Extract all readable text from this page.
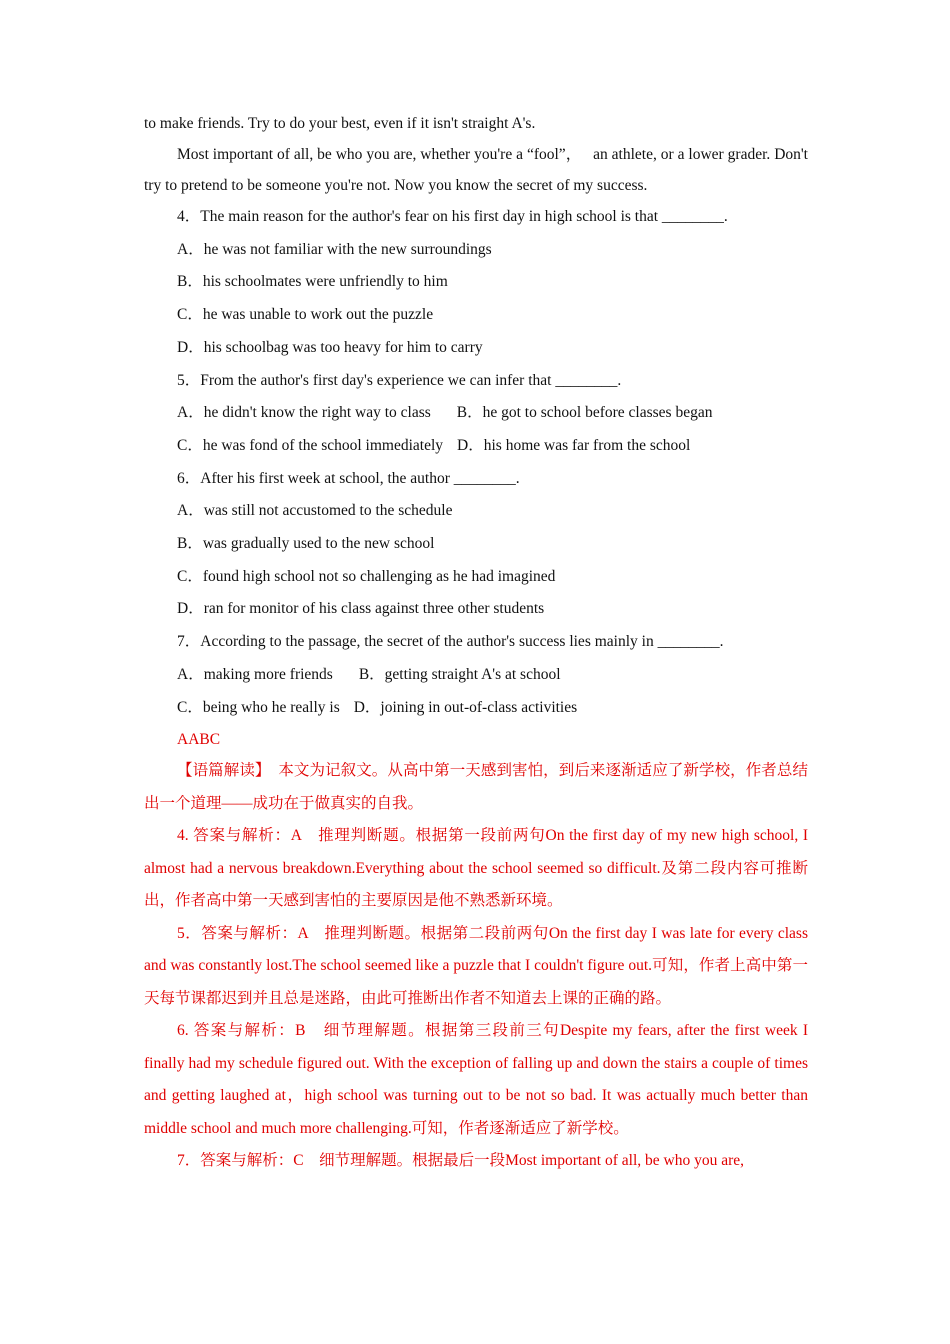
to make friends. Try to do your best, even if it isn't straight A's.

Most important of all, be who you are, whether you're a “fool”，   an athlete, or a lower grader. Don't try to pretend to be someone you're not. Now you know the secret of my success.

4．The main reason for the author's fear on his first day in high school is that ________.

A．he was not familiar with the new surroundings

B．his schoolmates were unfriendly to him

C．he was unable to work out the puzzle

D．his schoolbag was too heavy for him to carry

5．From the author's first day's experience we can infer that ________.

A．he didn't know the right way to class B．he got to school before classes began

C．he was fond of the school immediately D．his home was far from the school

6．After his first week at school, the author ________.

A．was still not accustomed to the schedule

B．was gradually used to the new school

C．found high school not so challenging as he had imagined

D．ran for monitor of his class against three other students

7．According to the passage, the secret of the author's success lies mainly in ________.

A．making more friends B．getting straight A's at school

C．being who he really is D．joining in out-of-class activities

AABC

【语篇解读】　本文为记叙文。从高中第一天感到害怕，到后来逐渐适应了新学校，作者总结出一个道理——成功在于做真实的自我。

4. 答案与解析：A　推理判断题。根据第一段前两句On the first day of my new high school, I almost had a nervous breakdown.Everything about the school seemed so difficult.及第二段内容可推断出，作者高中第一天感到害怕的主要原因是他不熟悉新环境。

5．答案与解析：A　推理判断题。根据第二段前两句On the first day I was late for every class and was constantly lost.The school seemed like a puzzle that I couldn't figure out.可知，作者上高中第一天每节课都迟到并且总是迷路，由此可推断出作者不知道去上课的正确的路。

6. 答案与解析：B　细节理解题。根据第三段前三句Despite my fears, after the first week I finally had my schedule figured out. With the exception of falling up and down the stairs a couple of times and getting laughed at，high school was turning out to be not so bad. It was actually much better than middle school and much more challenging.可知，作者逐渐适应了新学校。

7．答案与解析：C　细节理解题。根据最后一段Most important of all, be who you are,
